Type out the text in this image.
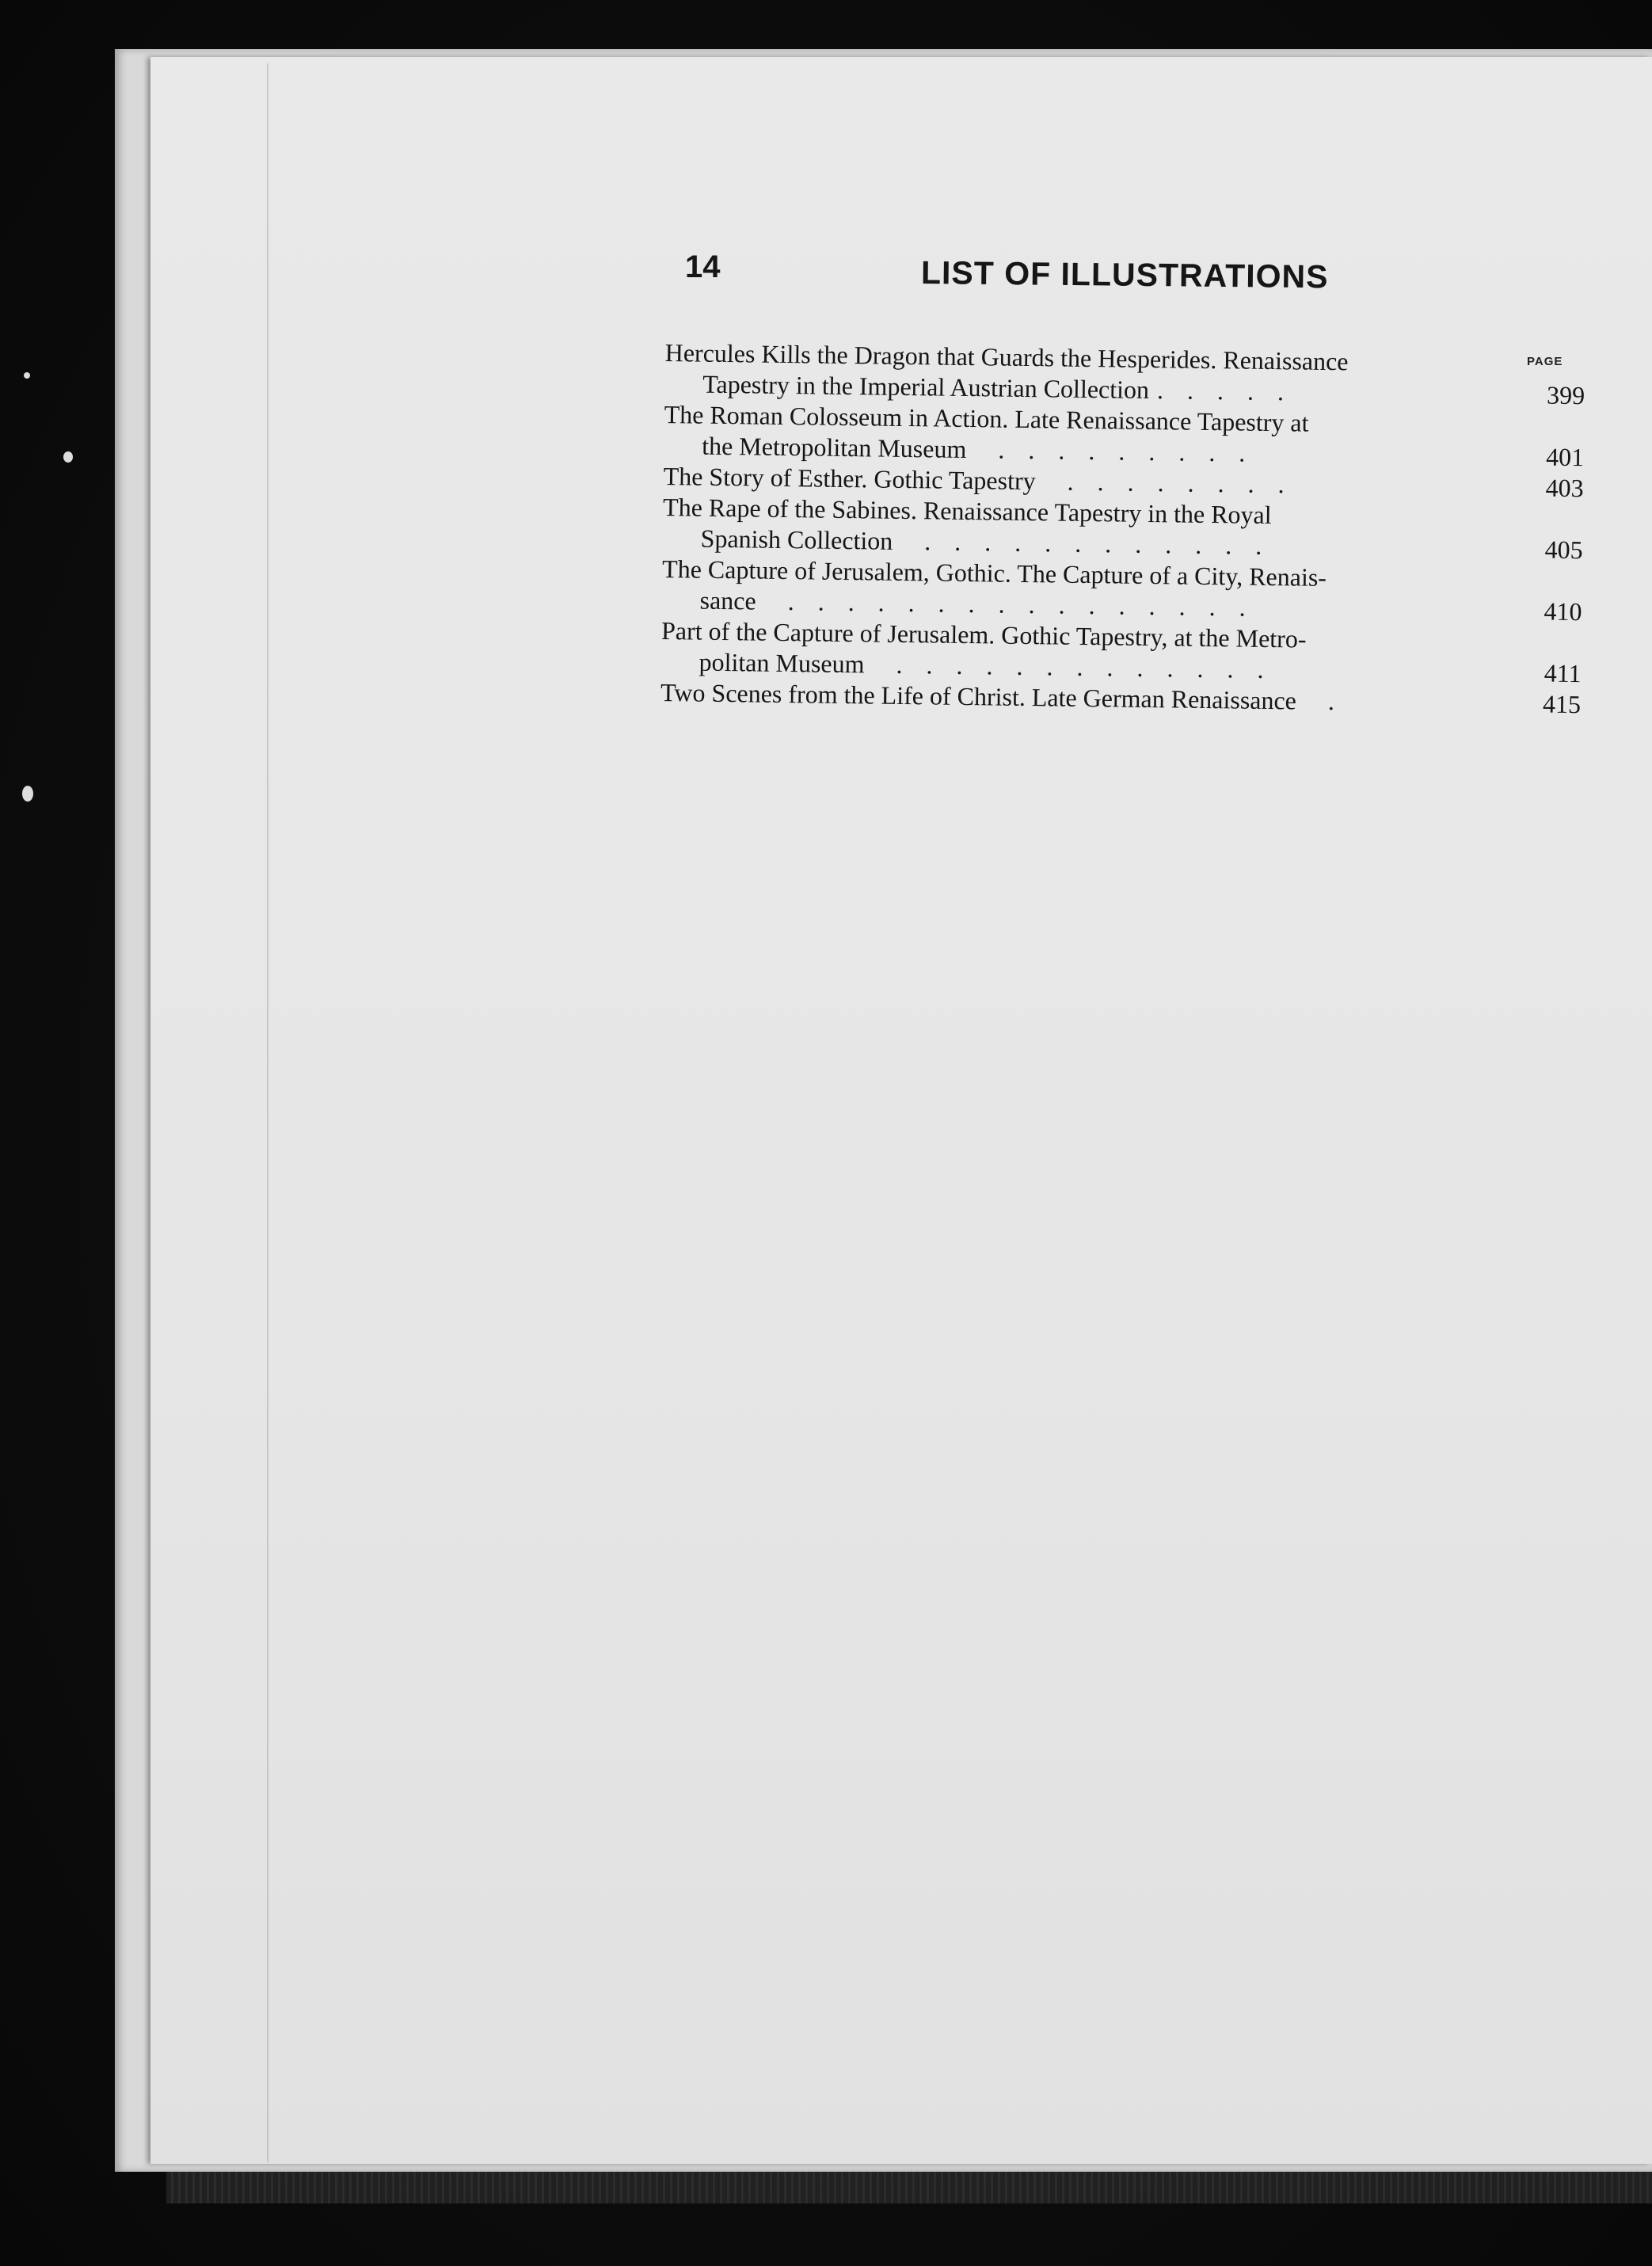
14	LIST OF ILLUSTRATIONS
PAGE
Hercules Kills the Dragon that Guards the Hesperides. Renaissance
Tapestry in the Imperial Austrian Collection . . . . .	399
The Roman Colosseum in Action. Late Renaissance Tapestry at
the Metropolitan Museum . . . . . . . . .	401
The Story of Esther. Gothic Tapestry . . . . . . . .	403
The Rape of the Sabines. Renaissance Tapestry in the Royal
Spanish Collection . . . . . . . . . . . .	405
The Capture of Jerusalem, Gothic. The Capture of a City, Renais-
sance . . . . . . . . . . . . . . . .	410
Part of the Capture of Jerusalem. Gothic Tapestry, at the Metro-
politan Museum . . . . . . . . . . . . .	411
Two Scenes from the Life of Christ. Late German Renaissance .	415
